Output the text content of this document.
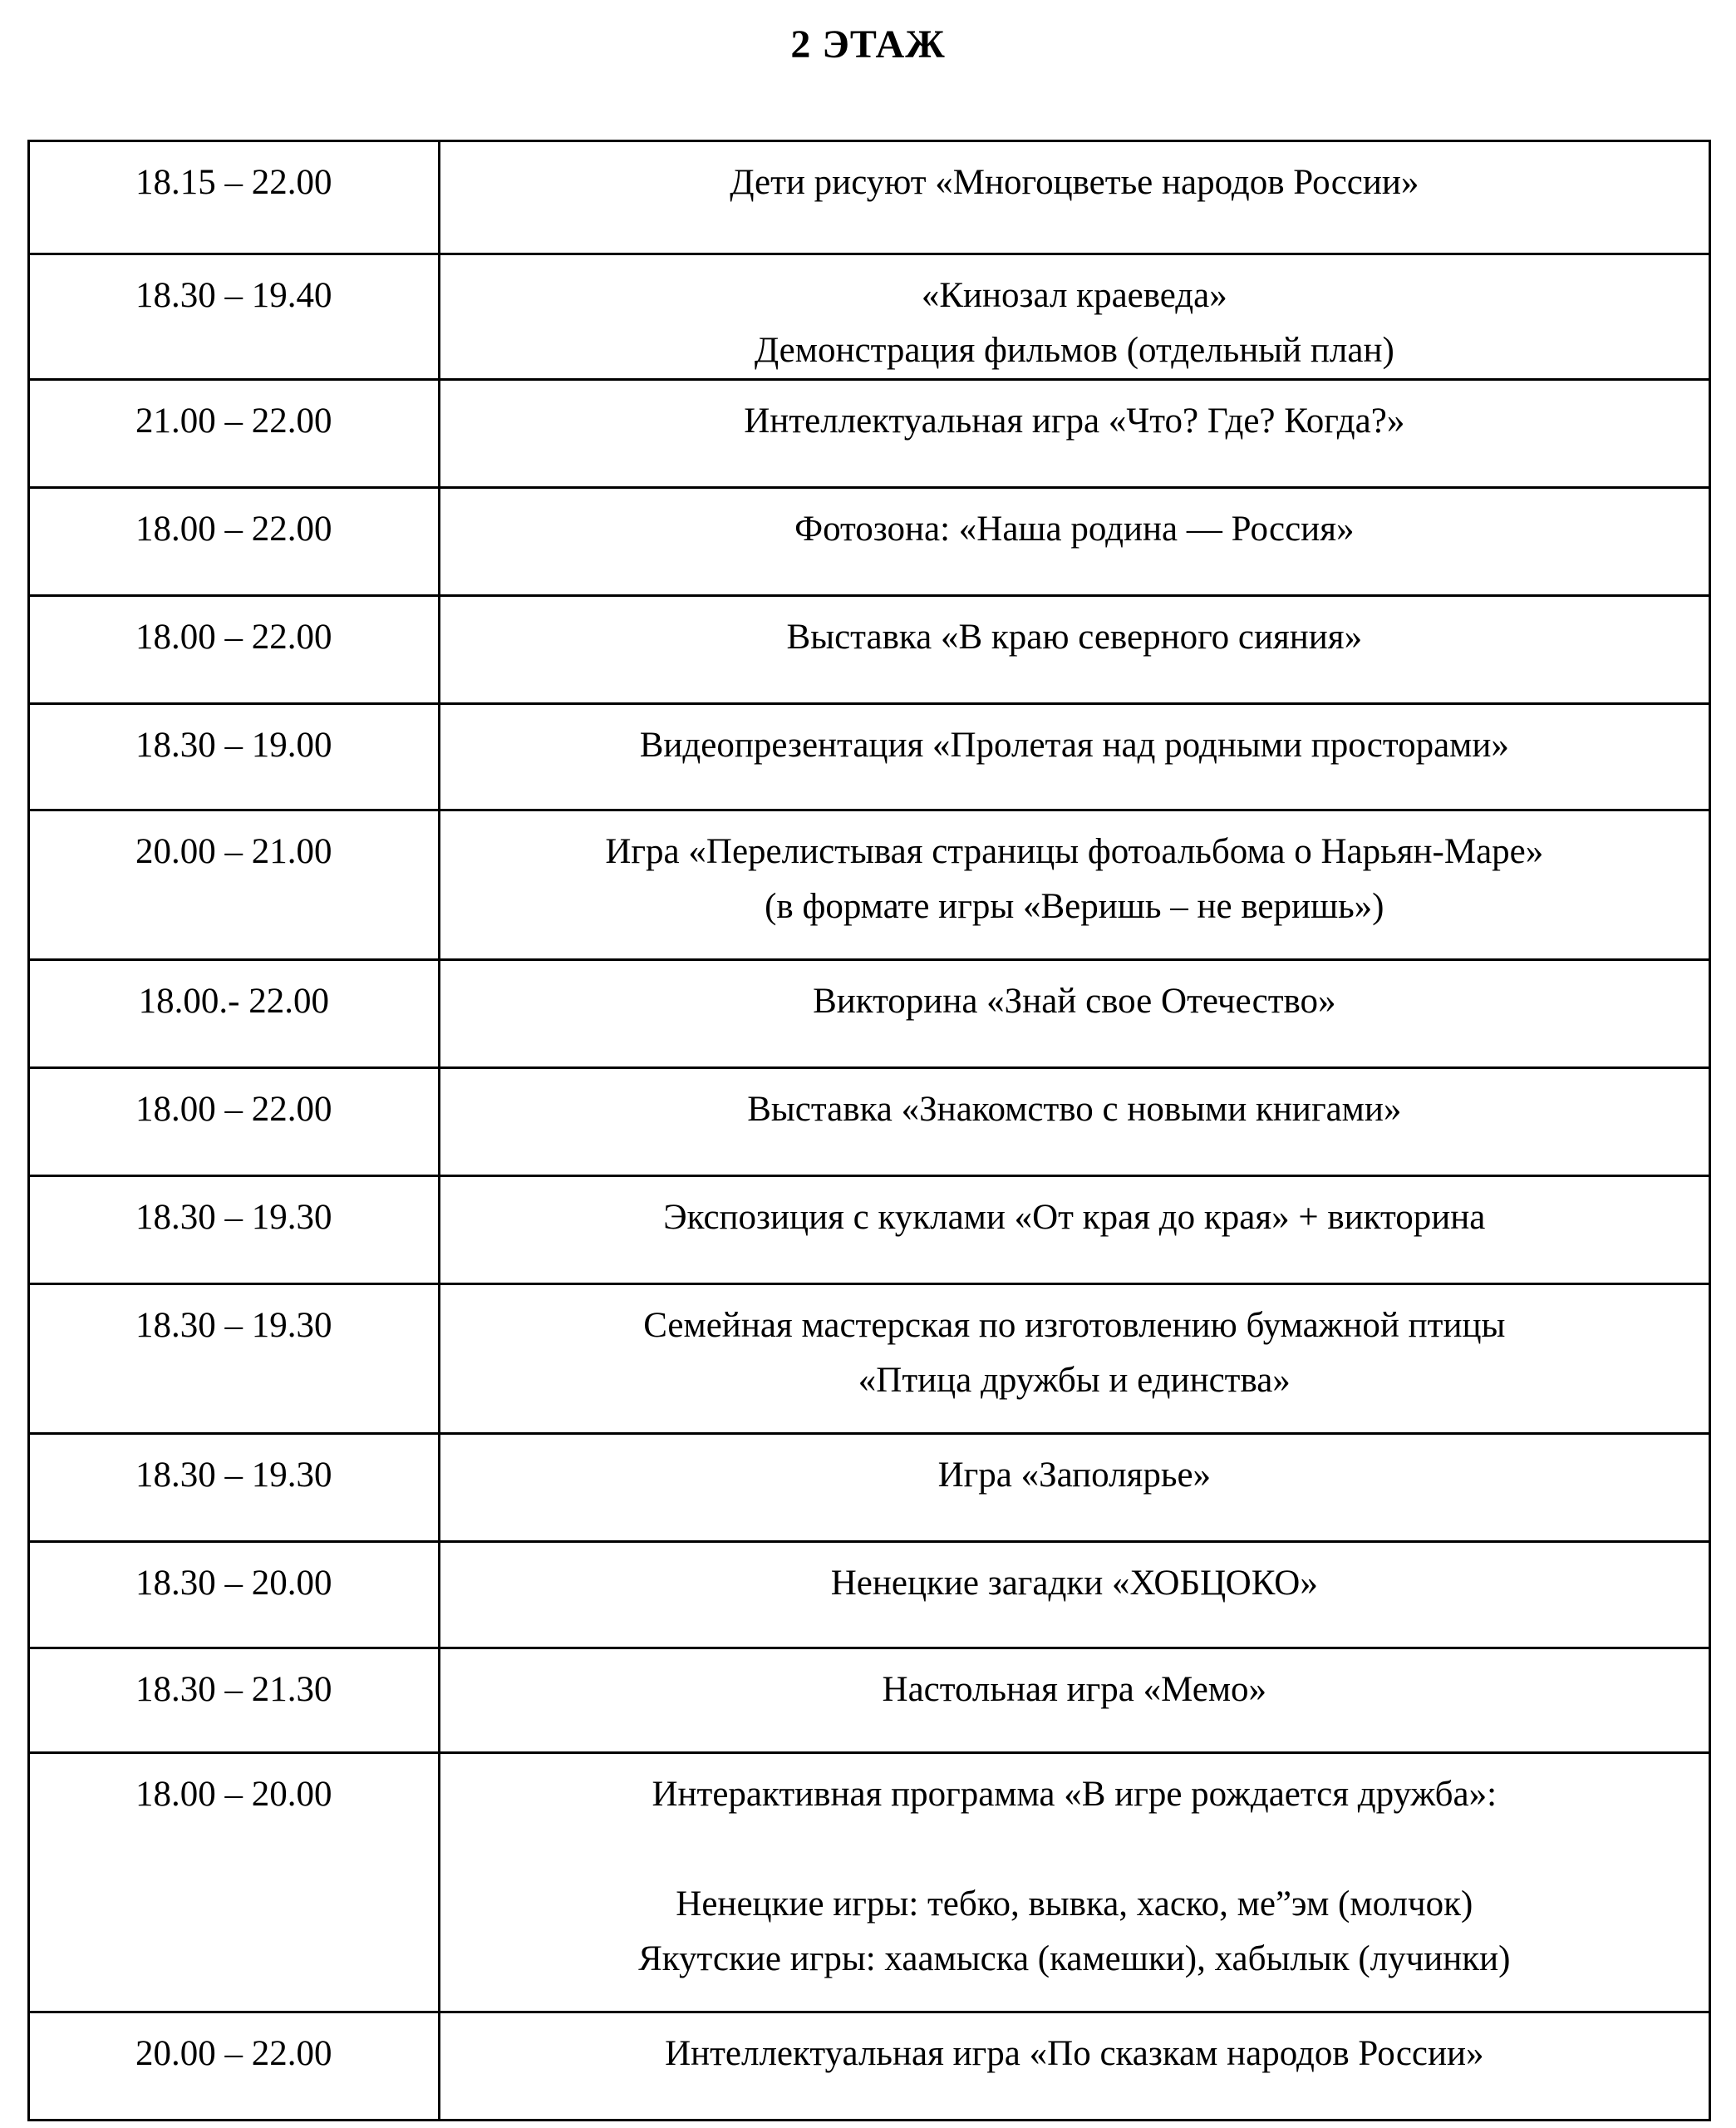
2 ЭТАЖ
18.15 – 22.00	Дети рисуют «Многоцветье народов России»

18.30 – 19.40	«Кинозал краеведа»
Демонстрация фильмов (отдельный план)

21.00 – 22.00	Интеллектуальная игра «Что? Где? Когда?»

18.00 – 22.00	Фотозона: «Наша родина — Россия»

18.00 – 22.00	Выставка «В краю северного сияния»

18.30 – 19.00	Видеопрезентация «Пролетая над родными просторами»

20.00 – 21.00	Игра «Перелистывая страницы фотоальбома о Нарьян-Маре»
(в формате игры «Веришь – не веришь»)

18.00.- 22.00	Викторина «Знай свое Отечество»

18.00 – 22.00	Выставка «Знакомство с новыми книгами»

18.30 – 19.30	Экспозиция с куклами «От края до края» + викторина

18.30 – 19.30	Семейная мастерская по изготовлению бумажной птицы
«Птица дружбы и единства»

18.30 – 19.30	Игра «Заполярье»

18.30 – 20.00	Ненецкие загадки «ХОБЦОКО»

18.30 – 21.30	Настольная игра «Мемо»

18.00 – 20.00	Интерактивная программа «В игре рождается дружба»:

Ненецкие игры: тебко, вывка, хаско, ме”эм (молчок)
Якутские игры: хаамыска (камешки), хабылык (лучинки)

20.00 – 22.00	Интеллектуальная игра «По сказкам народов России»
